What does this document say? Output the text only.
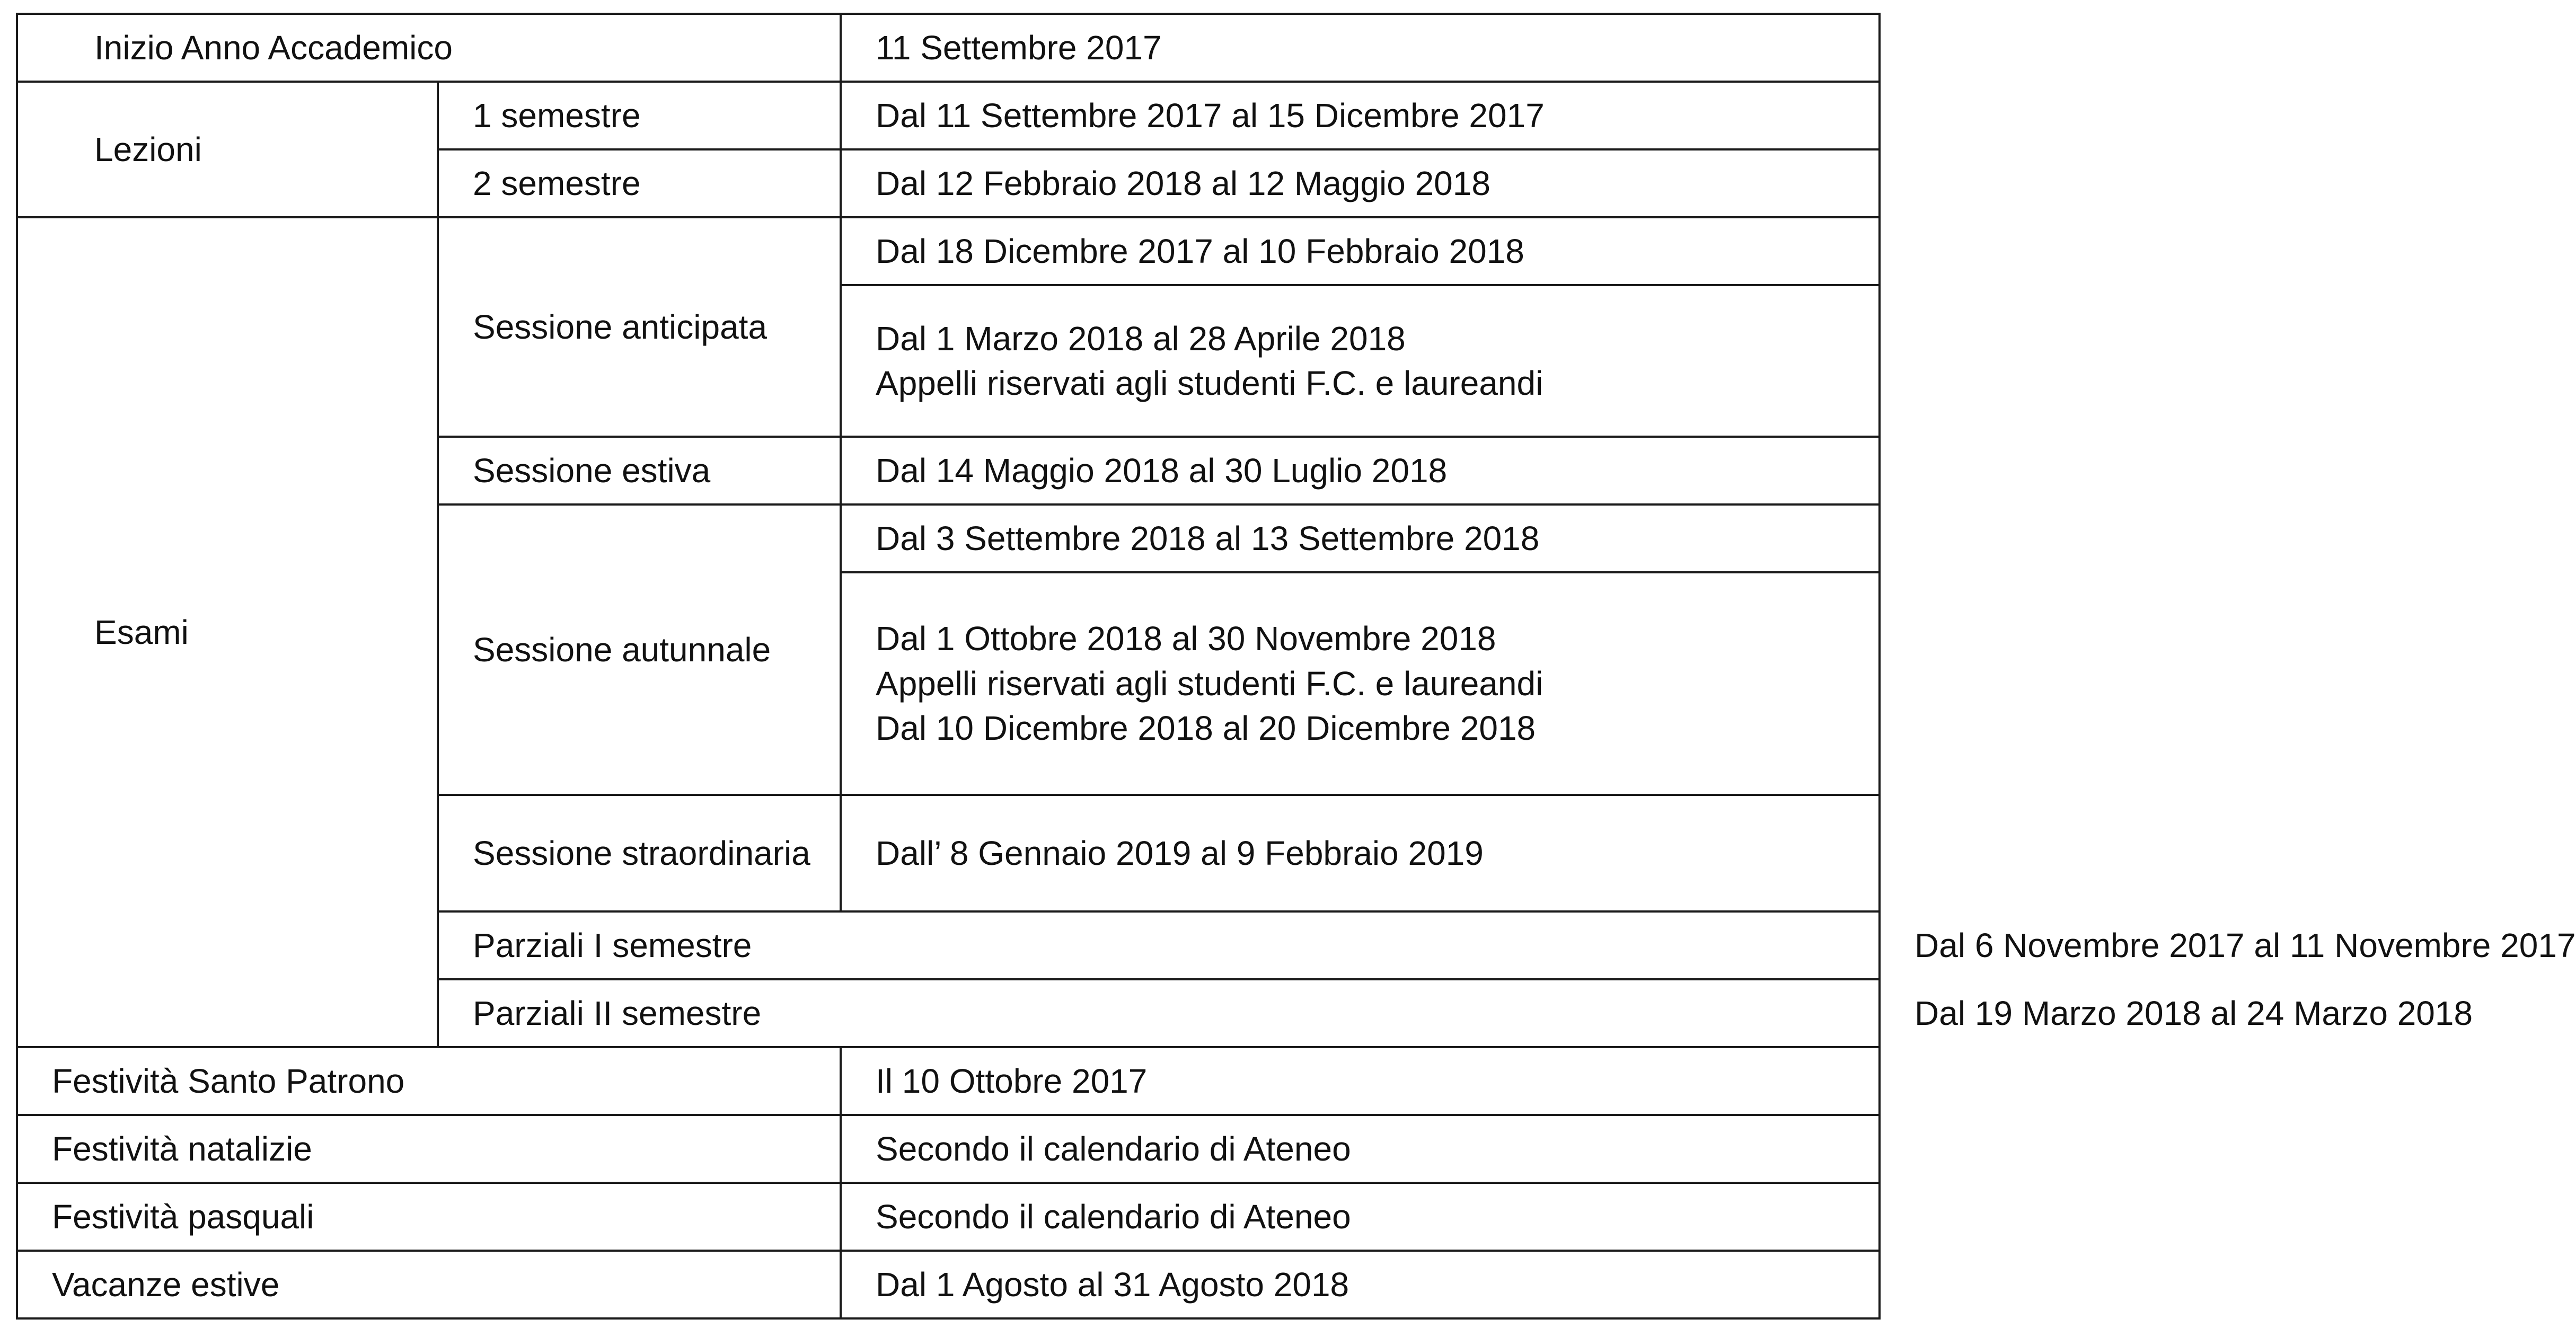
Inizio Anno Accademico		11 Settembre 2017	
Lezioni	1 semestre	Dal 11 Settembre 2017 al 15 Dicembre 2017	
	2 semestre	Dal 12 Febbraio 2018 al 12 Maggio 2018	
Esami	Sessione anticipata	Dal 18 Dicembre 2017 al 10 Febbraio 2018	

		Dal 1 Marzo 2018 al 28 Aprile 2018
Appelli riservati agli studenti F.C. e laureandi	

	Sessione estiva	Dal 14 Maggio 2018 al 30 Luglio 2018	
	Sessione autunnale	Dal 3 Settembre 2018 al 13 Settembre 2018	

		Dal 1 Ottobre 2018 al 30 Novembre 2018
Appelli riservati agli studenti F.C. e laureandi
Dal 10 Dicembre 2018 al 20 Dicembre 2018	

	Sessione straordinaria	Dall’ 8 Gennaio 2019 al 9 Febbraio 2019	
	Parziali I semestre		Dal 6 Novembre 2017 al 11 Novembre 2017
	Parziali II semestre		Dal 19 Marzo 2018 al 24 Marzo 2018
Festività Santo Patrono		Il 10 Ottobre 2017	
Festività natalizie		Secondo il calendario di Ateneo	
Festività pasquali		Secondo il calendario di Ateneo	
Vacanze estive		Dal 1 Agosto al 31 Agosto 2018	
